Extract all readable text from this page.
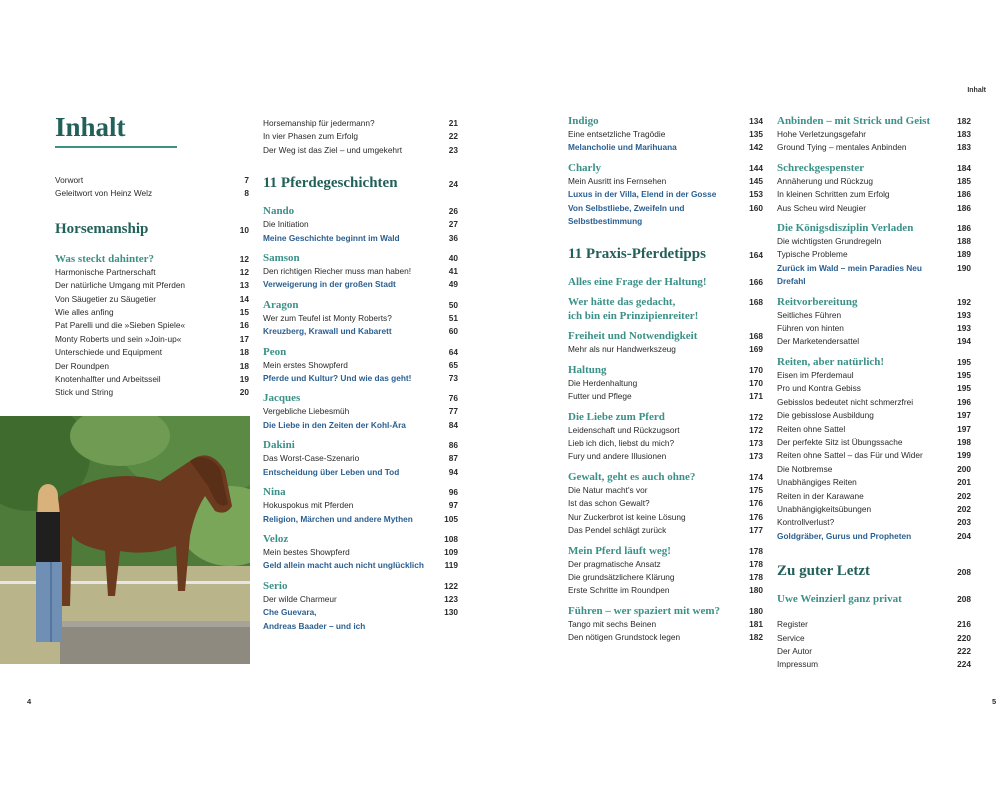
Inhalt
Inhalt
Vorwort	7
Geleitwort von Heinz Welz	8
Horsemanship	10
Was steckt dahinter?	12
Harmonische Partnerschaft	12
Der natürliche Umgang mit Pferden	13
Von Säugetier zu Säugetier	14
Wie alles anfing	15
Pat Parelli und die »Sieben Spiele«	16
Monty Roberts und sein »Join-up«	17
Unterschiede und Equipment	18
Der Roundpen	18
Knotenhalfter und Arbeitsseil	19
Stick und String	20
Horsemanship für jedermann?	21
In vier Phasen zum Erfolg	22
Der Weg ist das Ziel – und umgekehrt	23
11 Pferdegeschichten	24
Nando	26
Die Initiation	27
Meine Geschichte beginnt im Wald	36
Samson	40
Den richtigen Riecher muss man haben!	41
Verweigerung in der großen Stadt	49
Aragon	50
Wer zum Teufel ist Monty Roberts?	51
Kreuzberg, Krawall und Kabarett	60
Peon	64
Mein erstes Showpferd	65
Pferde und Kultur? Und wie das geht!	73
Jacques	76
Vergebliche Liebesmüh	77
Die Liebe in den Zeiten der Kohl-Ära	84
Dakini	86
Das Worst-Case-Szenario	87
Entscheidung über Leben und Tod	94
Nina	96
Hokuspokus mit Pferden	97
Religion, Märchen und andere Mythen	105
Veloz	108
Mein bestes Showpferd	109
Geld allein macht auch nicht unglücklich	119
Serio	122
Der wilde Charmeur	123
Che Guevara,
Andreas Baader – und ich
130
Indigo	134
Eine entsetzliche Tragödie	135
Melancholie und Marihuana	142
Charly	144
Mein Ausritt ins Fernsehen	145
Luxus in der Villa, Elend in der Gosse	153
Von Selbstliebe, Zweifeln und
Selbstbestimmung
160
11 Praxis-Pferdetipps	164
Alles eine Frage der Haltung!	166
Wer hätte das gedacht,
ich bin ein Prinzipienreiter!
168
Freiheit und Notwendigkeit	168
Mehr als nur Handwerkszeug	169
Haltung	170
Die Herdenhaltung	170
Futter und Pflege	171
Die Liebe zum Pferd	172
Leidenschaft und Rückzugsort	172
Lieb ich dich, liebst du mich?	173
Fury und andere Illusionen	173
Gewalt, geht es auch ohne?	174
Die Natur macht's vor	175
Ist das schon Gewalt?	176
Nur Zuckerbrot ist keine Lösung	176
Das Pendel schlägt zurück	177
Mein Pferd läuft weg!	178
Der pragmatische Ansatz	178
Die grundsätzlichere Klärung	178
Erste Schritte im Roundpen	180
Führen – wer spaziert mit wem?	180
Tango mit sechs Beinen	181
Den nötigen Grundstock legen	182
Anbinden – mit Strick und Geist	182
Hohe Verletzungsgefahr	183
Ground Tying – mentales Anbinden	183
Schreckgespenster	184
Annäherung und Rückzug	185
In kleinen Schritten zum Erfolg	186
Aus Scheu wird Neugier	186
Die Königsdisziplin Verladen	186
Die wichtigsten Grundregeln	188
Typische Probleme	189
Zurück im Wald – mein Paradies Neu Drefahl
190
Reitvorbereitung	192
Seitliches Führen	193
Führen von hinten	193
Der Marketendersattel	194
Reiten, aber natürlich!	195
Eisen im Pferdemaul	195
Pro und Kontra Gebiss	195
Gebisslos bedeutet nicht schmerzfrei	196
Die gebisslose Ausbildung	197
Reiten ohne Sattel	197
Der perfekte Sitz ist Übungssache	198
Reiten ohne Sattel – das Für und Wider	199
Die Notbremse	200
Unabhängiges Reiten	201
Reiten in der Karawane	202
Unabhängigkeitsübungen	202
Kontrollverlust?	203
Goldgräber, Gurus und Propheten	204
Zu guter Letzt	208
Uwe Weinzierl ganz privat	208
Register	216
Service	220
Der Autor	222
Impressum	224
4	5
